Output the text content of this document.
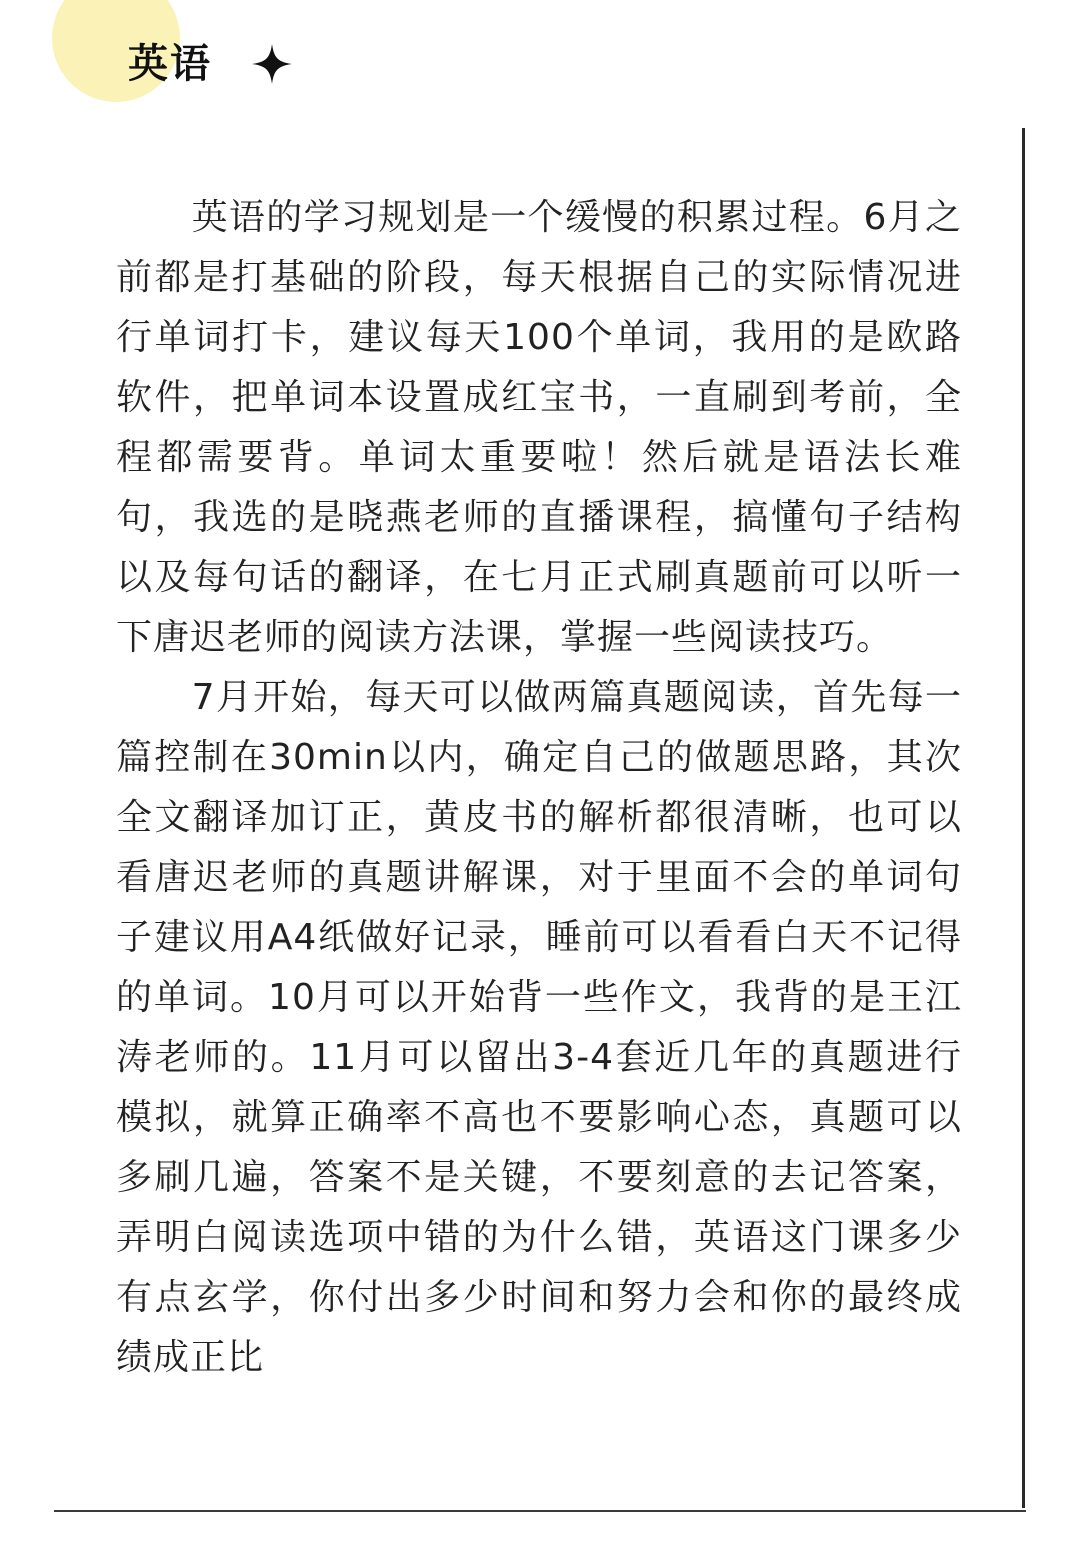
英语

英语的学习规划是一个缓慢的积累过程。6月之前都是打基础的阶段，每天根据自己的实际情况进行单词打卡，建议每天100个单词，我用的是欧路软件，把单词本设置成红宝书，一直刷到考前，全程都需要背。单词太重要啦！然后就是语法长难句，我选的是晓燕老师的直播课程，搞懂句子结构以及每句话的翻译，在七月正式刷真题前可以听一下唐迟老师的阅读方法课，掌握一些阅读技巧。

7月开始，每天可以做两篇真题阅读，首先每一篇控制在30min以内，确定自己的做题思路，其次全文翻译加订正，黄皮书的解析都很清晰，也可以看唐迟老师的真题讲解课，对于里面不会的单词句子建议用A4纸做好记录，睡前可以看看白天不记得的单词。10月可以开始背一些作文，我背的是王江涛老师的。11月可以留出3-4套近几年的真题进行模拟，就算正确率不高也不要影响心态，真题可以多刷几遍，答案不是关键，不要刻意的去记答案，弄明白阅读选项中错的为什么错，英语这门课多少有点玄学，你付出多少时间和努力会和你的最终成绩成正比
